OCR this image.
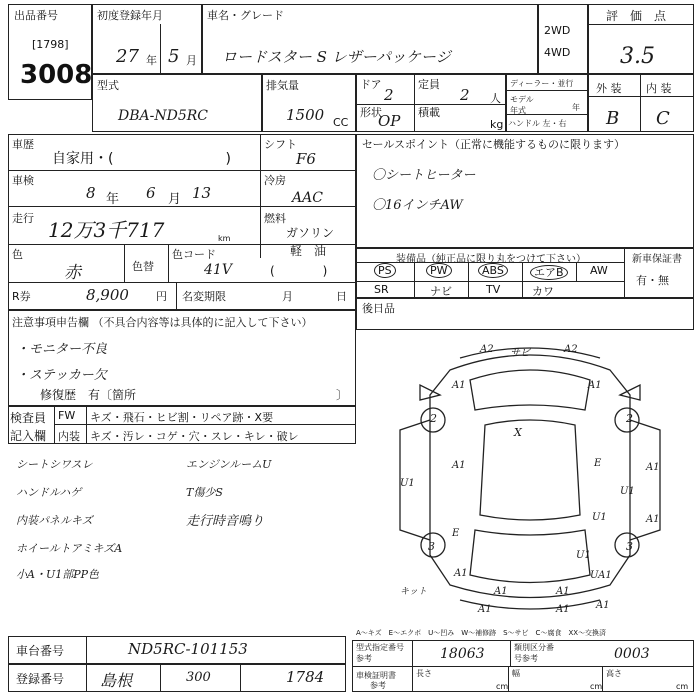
出品番号
[1798]
3008
初度登録年月
27 年 5 月
車名・グレード
ロードスター S レザーパッケージ
2WD
4WD
評　価　点
3.5
型式
DBA-ND5RC
排気量
1500 CC
ドア	定員
2	2 人
形状
OP 積載
kg
ディーラー・並行
モデル年式	年
ハンドル 左・右
外 装 内 装
B C
車歴
自家用・(　　　　　　　　)
シフト
F6
車検
8 年 6 月 13
冷房
AAC
走行 12万3千717	km
燃料
ガソリン
軽　油
(　　　　)
色
赤	色替
色コード
41V
R券	8,900 円 名変期限	月	日
セールスポイント（正常に機能するものに限ります）
〇シートヒーター
〇16インチAW
装備品（純正品に限り丸をつけて下さい）	新車保証書
有・無
PS	PW	ABS	エアB	AW
SR	ナビ	TV	カワ
後日品
注意事項申告欄 （不具合内容等は具体的に記入して下さい）
・モニター不良
・ステッカー欠
修復歴　有〔箇所	〕
検査員
記入欄
FW キズ・飛石・ヒビ割・リペア跡・X要
内装 キズ・汚レ・コゲ・穴・スレ・キレ・破レ
シートシワスレ
ハンドルハゲ
内装パネルキズ
ホイールトアミキズA
小A・U1部PP色
エンジンルームU
T傷少S
走行時音鳴り
A2 サビ	A2
A1	A1
X
A1	E	A1
U1
U1
A1
U1
E
A1
U1
A1	A1
A1	A1
UA1
A1
2	2
3	3
キット
A～キズ　E～エクボ　U～凹み　W～補修跡　S～サビ　C～腐食　XX～交換済
車台番号	ND5RC-101153
登録番号 島根	300	1784
型式指定番号参考	18063	類別区分番号参考	0003
車検証明書
参考
長さ
cm
幅
cm
高さ
cm
